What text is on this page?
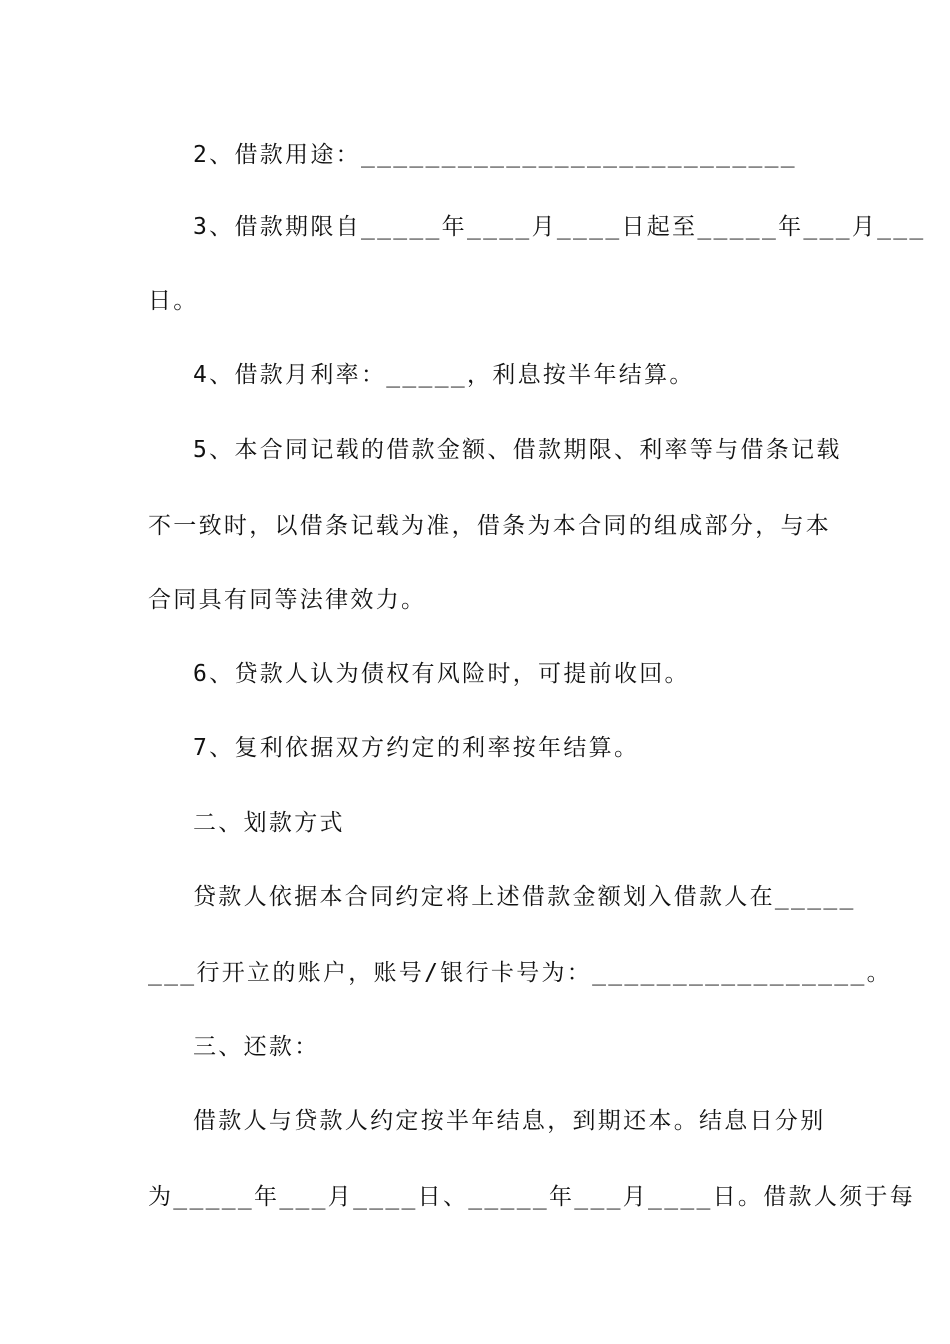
2、借款用途：___________________________
3、借款期限自_____年____月____日起至_____年___月___
日。
4、借款月利率：_____，利息按半年结算。
5、本合同记载的借款金额、借款期限、利率等与借条记载
不一致时，以借条记载为准，借条为本合同的组成部分，与本
合同具有同等法律效力。
6、贷款人认为债权有风险时，可提前收回。
7、复利依据双方约定的利率按年结算。
二、划款方式
贷款人依据本合同约定将上述借款金额划入借款人在_____
___行开立的账户，账号/银行卡号为：_________________。
三、还款：
借款人与贷款人约定按半年结息，到期还本。结息日分别
为_____年___月____日、_____年___月____日。借款人须于每
